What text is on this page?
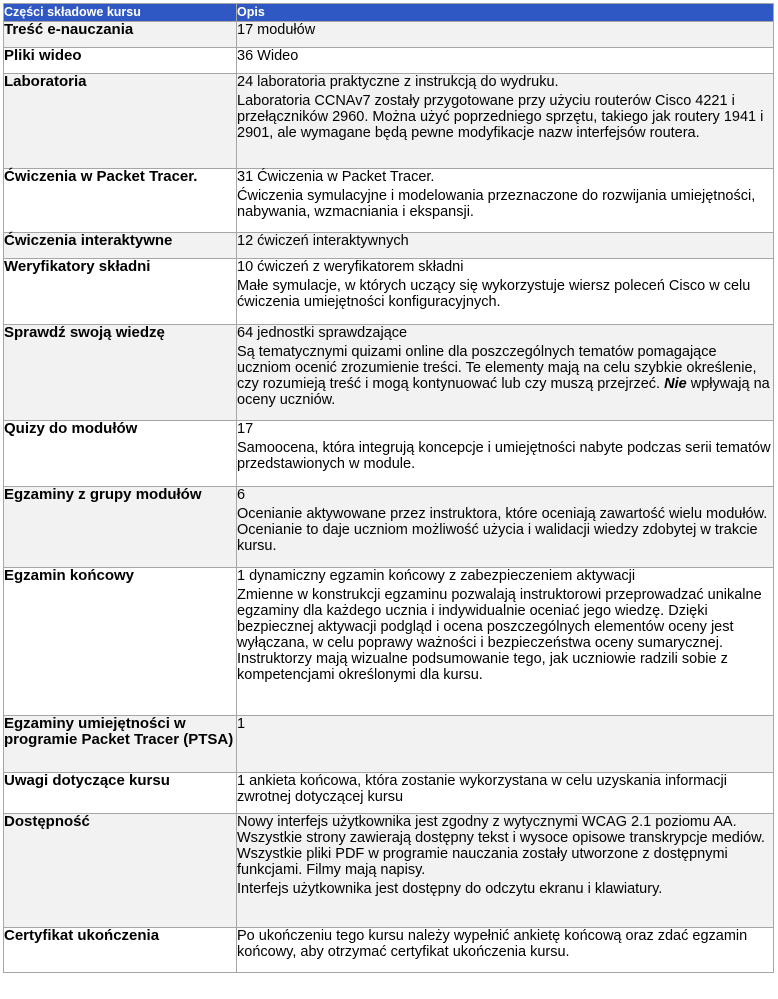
Części składowe kursu	Opis
Treść e-nauczania	17 modułów

Pliki wideo	36 Wideo

Laboratoria	24 laboratoria praktyczne z instrukcją do wydruku.

Laboratoria CCNAv7 zostały przygotowane przy użyciu routerów Cisco 4221 i przełączników 2960. Można użyć poprzedniego sprzętu, takiego jak routery 1941 i 2901, ale wymagane będą pewne modyfikacje nazw interfejsów routera.

Ćwiczenia w Packet Tracer.	31 Ćwiczenia w Packet Tracer.

Ćwiczenia symulacyjne i modelowania przeznaczone do rozwijania umiejętności, nabywania, wzmacniania i ekspansji.

Ćwiczenia interaktywne	12 ćwiczeń interaktywnych

Weryfikatory składni	10 ćwiczeń z weryfikatorem składni

Małe symulacje, w których uczący się wykorzystuje wiersz poleceń Cisco w celu ćwiczenia umiejętności konfiguracyjnych.

Sprawdź swoją wiedzę	64 jednostki sprawdzające

Są tematycznymi quizami online dla poszczególnych tematów pomagające uczniom ocenić zrozumienie treści. Te elementy mają na celu szybkie określenie, czy rozumieją treść i mogą kontynuować lub czy muszą przejrzeć. Nie wpływają na oceny uczniów.

Quizy do modułów	17

Samoocena, która integrują koncepcje i umiejętności nabyte podczas serii tematów przedstawionych w module.

Egzaminy z grupy modułów	6

Ocenianie aktywowane przez instruktora, które oceniają zawartość wielu modułów. Ocenianie to daje uczniom możliwość użycia i walidacji wiedzy zdobytej w trakcie kursu.

Egzamin końcowy	1 dynamiczny egzamin końcowy z zabezpieczeniem aktywacji

Zmienne w konstrukcji egzaminu pozwalają instruktorowi przeprowadzać unikalne egzaminy dla każdego ucznia i indywidualnie oceniać jego wiedzę. Dzięki bezpiecznej aktywacji podgląd i ocena poszczególnych elementów oceny jest wyłączana, w celu poprawy ważności i bezpieczeństwa oceny sumarycznej. Instruktorzy mają wizualne podsumowanie tego, jak uczniowie radzili sobie z kompetencjami określonymi dla kursu.

Egzaminy umiejętności w programie Packet Tracer (PTSA)	1

Uwagi dotyczące kursu	1 ankieta końcowa, która zostanie wykorzystana w celu uzyskania informacji zwrotnej dotyczącej kursu

Dostępność	Nowy interfejs użytkownika jest zgodny z wytycznymi WCAG 2.1 poziomu AA. Wszystkie strony zawierają dostępny tekst i wysoce opisowe transkrypcje mediów. Wszystkie pliki PDF w programie nauczania zostały utworzone z dostępnymi funkcjami. Filmy mają napisy.

Interfejs użytkownika jest dostępny do odczytu ekranu i klawiatury.

Certyfikat ukończenia	Po ukończeniu tego kursu należy wypełnić ankietę końcową oraz zdać egzamin końcowy, aby otrzymać certyfikat ukończenia kursu.
